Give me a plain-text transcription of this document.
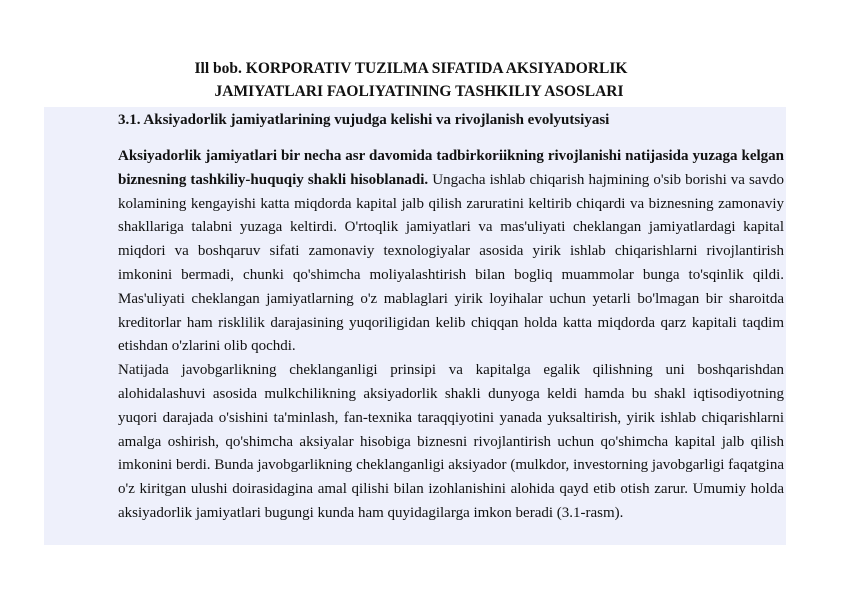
Ill bob. KORPORATIV TUZILMA SIFATIDA AKSIYADORLIK
JAMIYATLARI FAOLIYATINING TASHKILIY ASOSLARI
3.1. Aksiyadorlik jamiyatlarining vujudga kelishi va rivojlanish evolyutsiyasi

Aksiyadorlik jamiyatlari bir necha asr davomida tadbirkoriikning rivojlanishi natijasida yuzaga kelgan biznesning tashkiliy-huquqiy shakli hisoblanadi. Ungacha ishlab chiqarish hajmining o'sib borishi va savdo kolamining kengayishi katta miqdorda kapital jalb qilish zaruratini keltirib chiqardi va biznesning zamonaviy shakllariga talabni yuzaga keltirdi. O'rtoqlik jamiyatlari va mas'uliyati cheklangan jamiyatlardagi kapital miqdori va boshqaruv sifati zamonaviy texnologiyalar asosida yirik ishlab chiqarishlarni rivojlantirish imkonini bermadi, chunki qo'shimcha moliyalashtirish bilan bogliq muammolar bunga to'sqinlik qildi. Mas'uliyati cheklangan jamiyatlarning o'z mablaglari yirik loyihalar uchun yetarli bo'lmagan bir sharoitda kreditorlar ham risklilik darajasining yuqoriligidan kelib chiqqan holda katta miqdorda qarz kapitali taqdim etishdan o'zlarini olib qochdi.

Natijada javobgarlikning cheklanganligi prinsipi va kapitalga egalik qilishning uni boshqarishdan alohidalashuvi asosida mulkchilikning aksiyadorlik shakli dunyoga keldi hamda bu shakl iqtisodiyotning yuqori darajada o'sishini ta'minlash, fan-texnika taraqqiyotini yanada yuksaltirish, yirik ishlab chiqarishlarni amalga oshirish, qo'shimcha aksiyalar hisobiga biznesni rivojlantirish uchun qo'shimcha kapital jalb qilish imkonini berdi. Bunda javobgarlikning cheklanganligi aksiyador (mulkdor, investorning javobgarligi faqatgina o'z kiritgan ulushi doirasidagina amal qilishi bilan izohlanishini alohida qayd etib otish zarur. Umumiy holda aksiyadorlik jamiyatlari bugungi kunda ham quyidagilarga imkon beradi (3.1-rasm).
